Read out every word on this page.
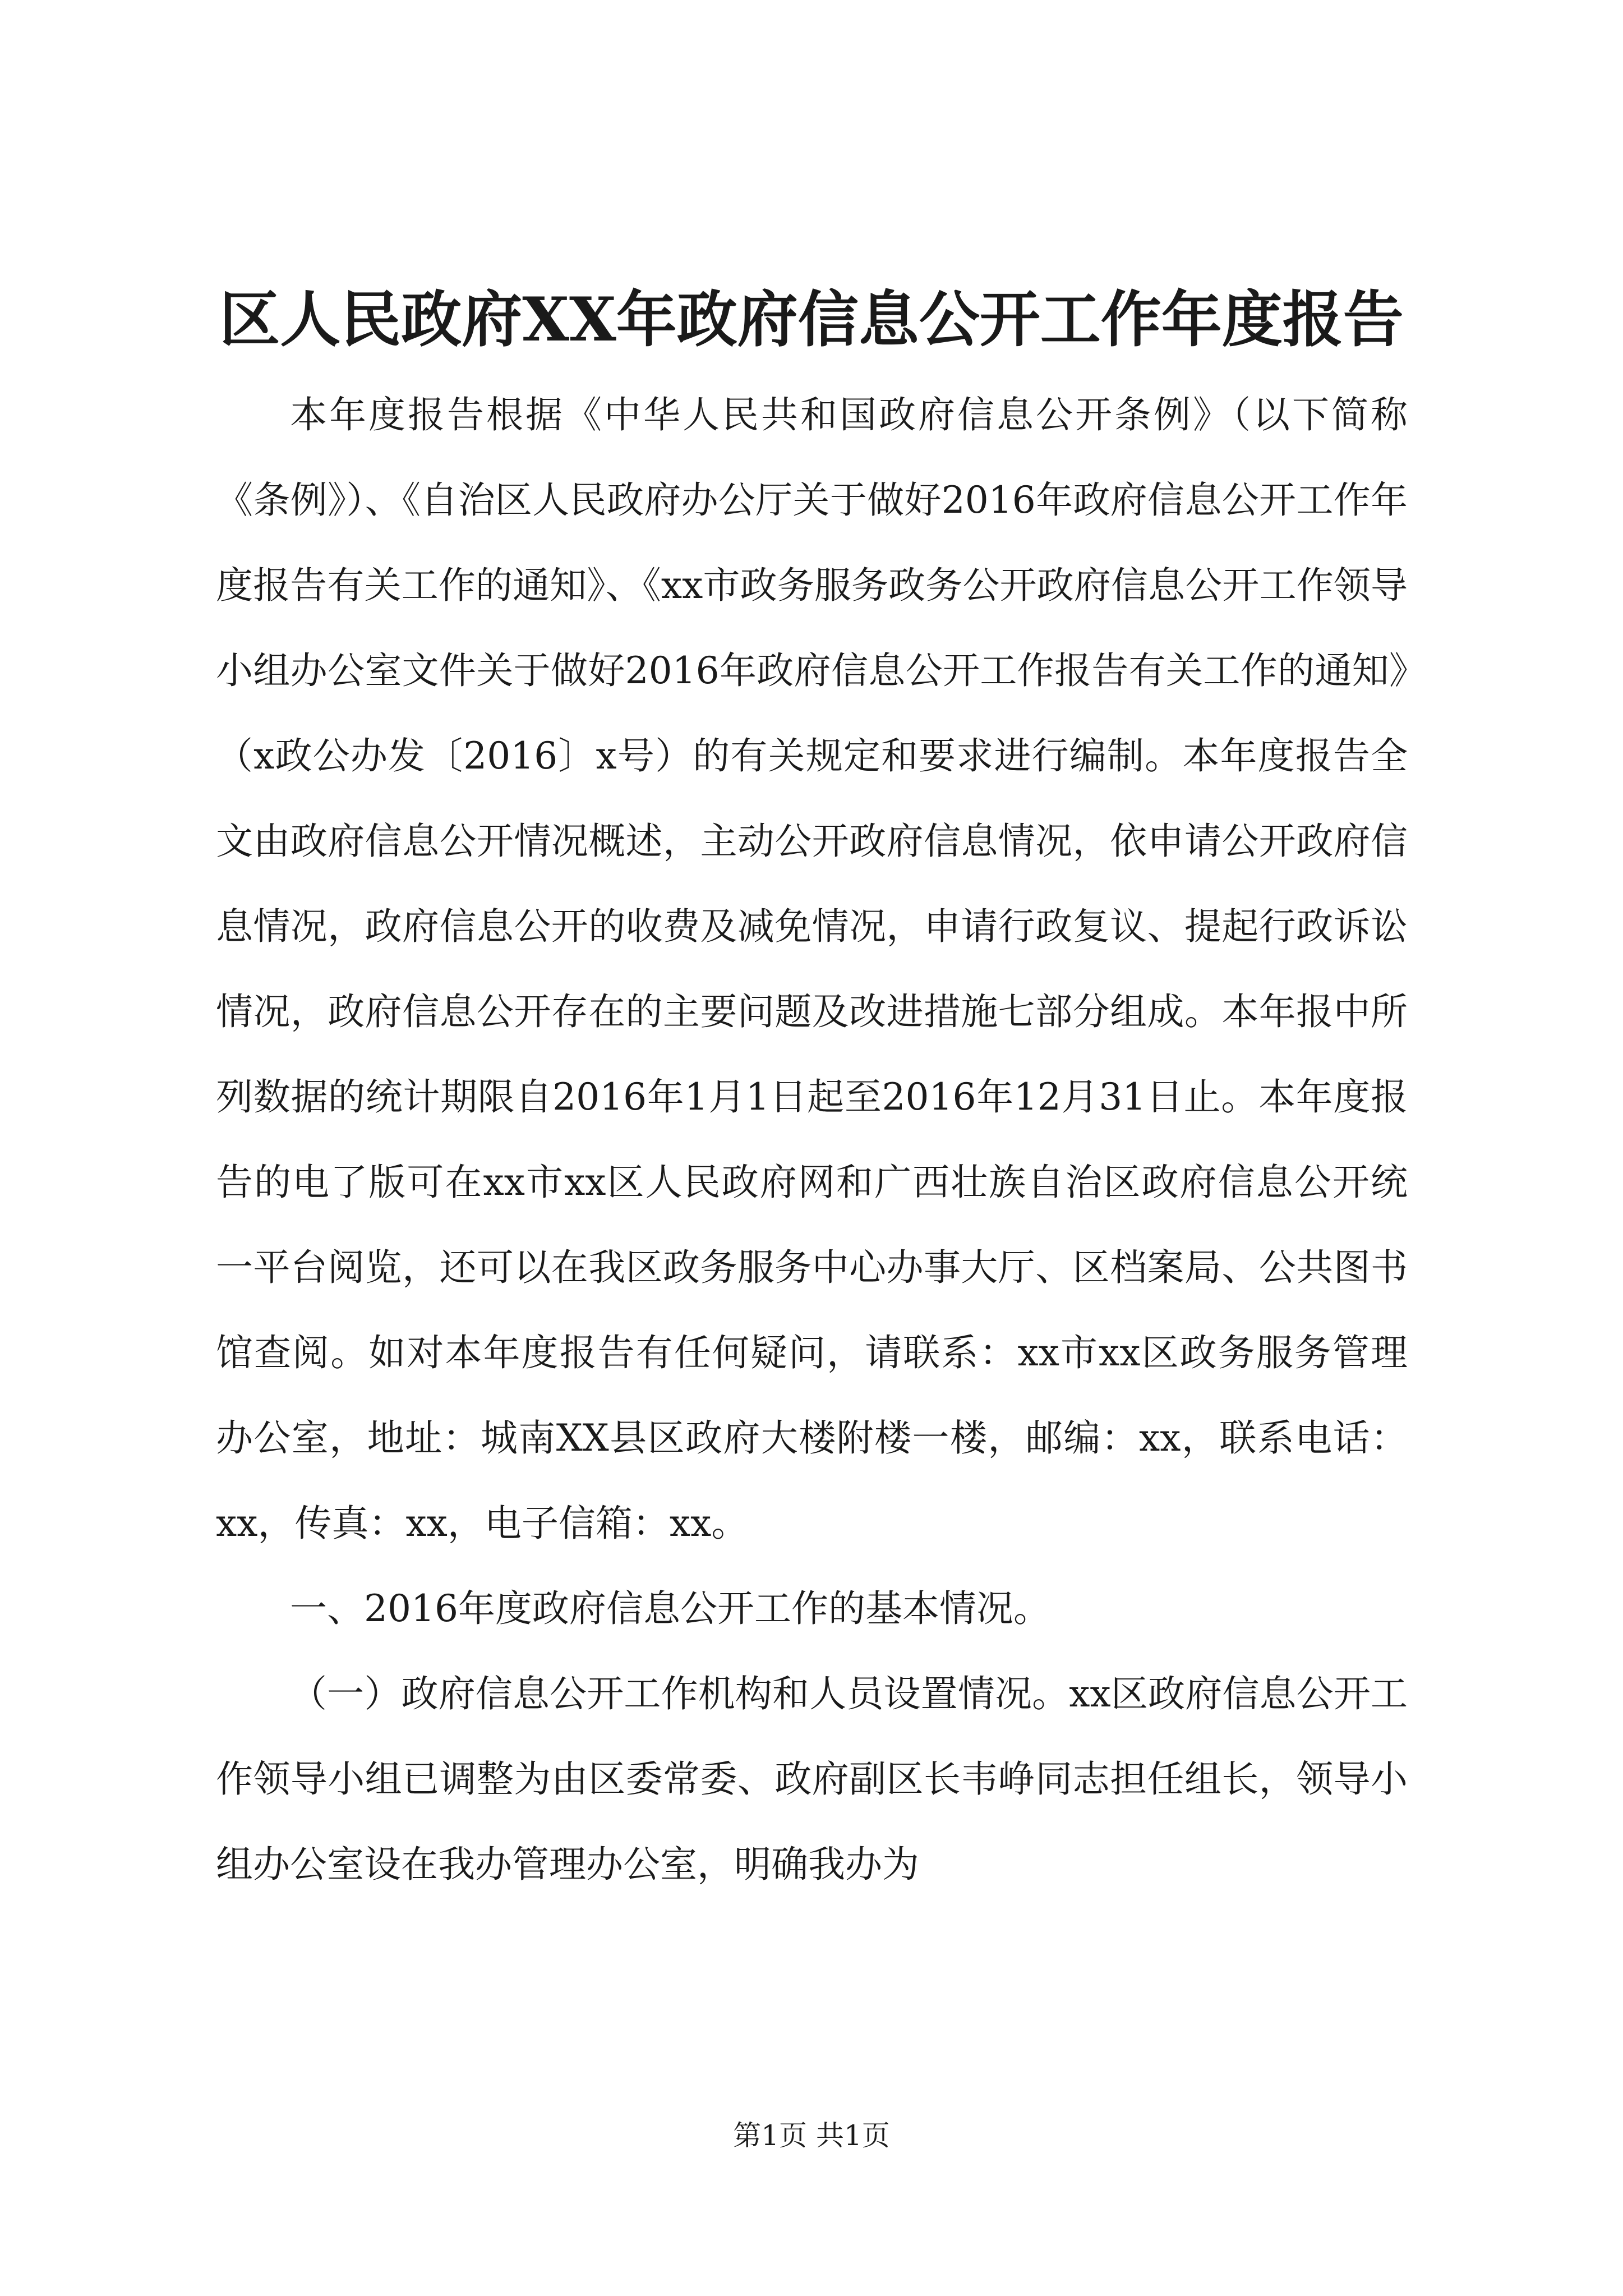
区人民政府XX年政府信息公开工作年度报告

本年度报告根据《中华人民共和国政府信息公开条例》（以下简称《条例》）、《自治区人民政府办公厅关于做好2016年政府信息公开工作年度报告有关工作的通知》、《xx市政务服务政务公开政府信息公开工作领导小组办公室文件关于做好2016年政府信息公开工作报告有关工作的通知》（x政公办发〔2016〕x号）的有关规定和要求进行编制。本年度报告全文由政府信息公开情况概述，主动公开政府信息情况，依申请公开政府信息情况，政府信息公开的收费及减免情况，申请行政复议、提起行政诉讼情况，政府信息公开存在的主要问题及改进措施七部分组成。本年报中所列数据的统计期限自2016年1月1日起至2016年12月31日止。本年度报告的电了版可在xx市xx区人民政府网和广西壮族自治区政府信息公开统一平台阅览，还可以在我区政务服务中心办事大厅、区档案局、公共图书馆查阅。如对本年度报告有任何疑问，请联系：xx市xx区政务服务管理办公室，地址：城南XX县区政府大楼附楼一楼，邮编：xx，联系电话：xx，传真：xx，电子信箱：xx。

一、2016年度政府信息公开工作的基本情况。

（一）政府信息公开工作机构和人员设置情况。xx区政府信息公开工作领导小组已调整为由区委常委、政府副区长韦峥同志担任组长，领导小组办公室设在我办管理办公室，明确我办为

第1页 共1页
